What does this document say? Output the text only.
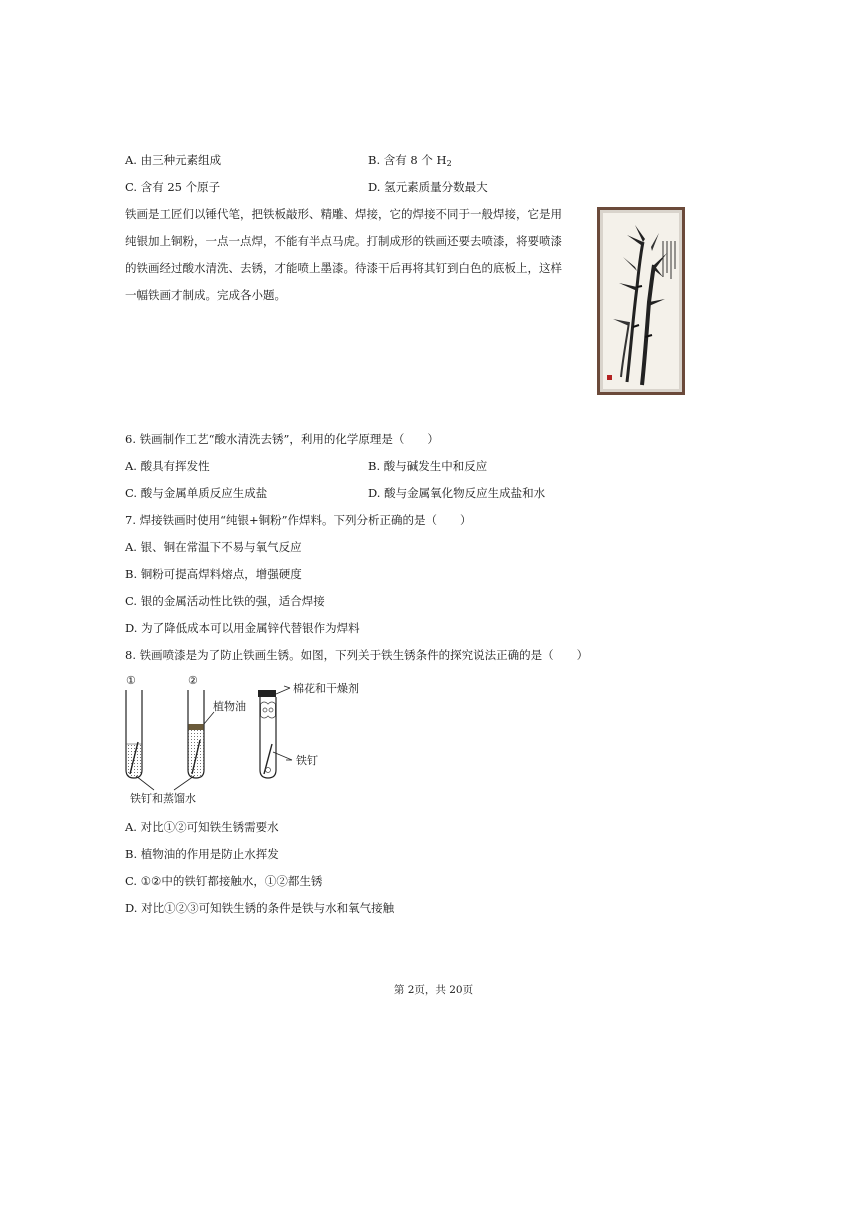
A. 由三种元素组成	B. 含有 8 个 $H_2$
C. 含有 25 个原子	D. 氢元素质量分数最大
铁画是工匠们以锤代笔，把铁板敲形、精雕、焊接，它的焊接不同于一般焊接，它是用
纯银加上铜粉，一点一点焊，不能有半点马虎。打制成形的铁画还要去喷漆，将要喷漆
的铁画经过酸水清洗、去锈，才能喷上墨漆。待漆干后再将其钉到白色的底板上，这样
一幅铁画才制成。完成各小题。
6. 铁画制作工艺“酸水清洗去锈”，利用的化学原理是（　　）
A. 酸具有挥发性	B. 酸与碱发生中和反应
C. 酸与金属单质反应生成盐	D. 酸与金属氧化物反应生成盐和水
7. 焊接铁画时使用“纯银+铜粉”作焊料。下列分析正确的是（　　）
A. 银、铜在常温下不易与氧气反应
B. 铜粉可提高焊料熔点，增强硬度
C. 银的金属活动性比铁的强，适合焊接
D. 为了降低成本可以用金属锌代替银作为焊料
8. 铁画喷漆是为了防止铁画生锈。如图，下列关于铁生锈条件的探究说法正确的是（　　）
①	②
植物油
棉花和干燥剂
铁钉
铁钉和蒸馏水
A. 对比①②可知铁生锈需要水
B. 植物油的作用是防止水挥发
C. ①②中的铁钉都接触水，①②都生锈
D. 对比①②③可知铁生锈的条件是铁与水和氧气接触
第 2页，共 20页
